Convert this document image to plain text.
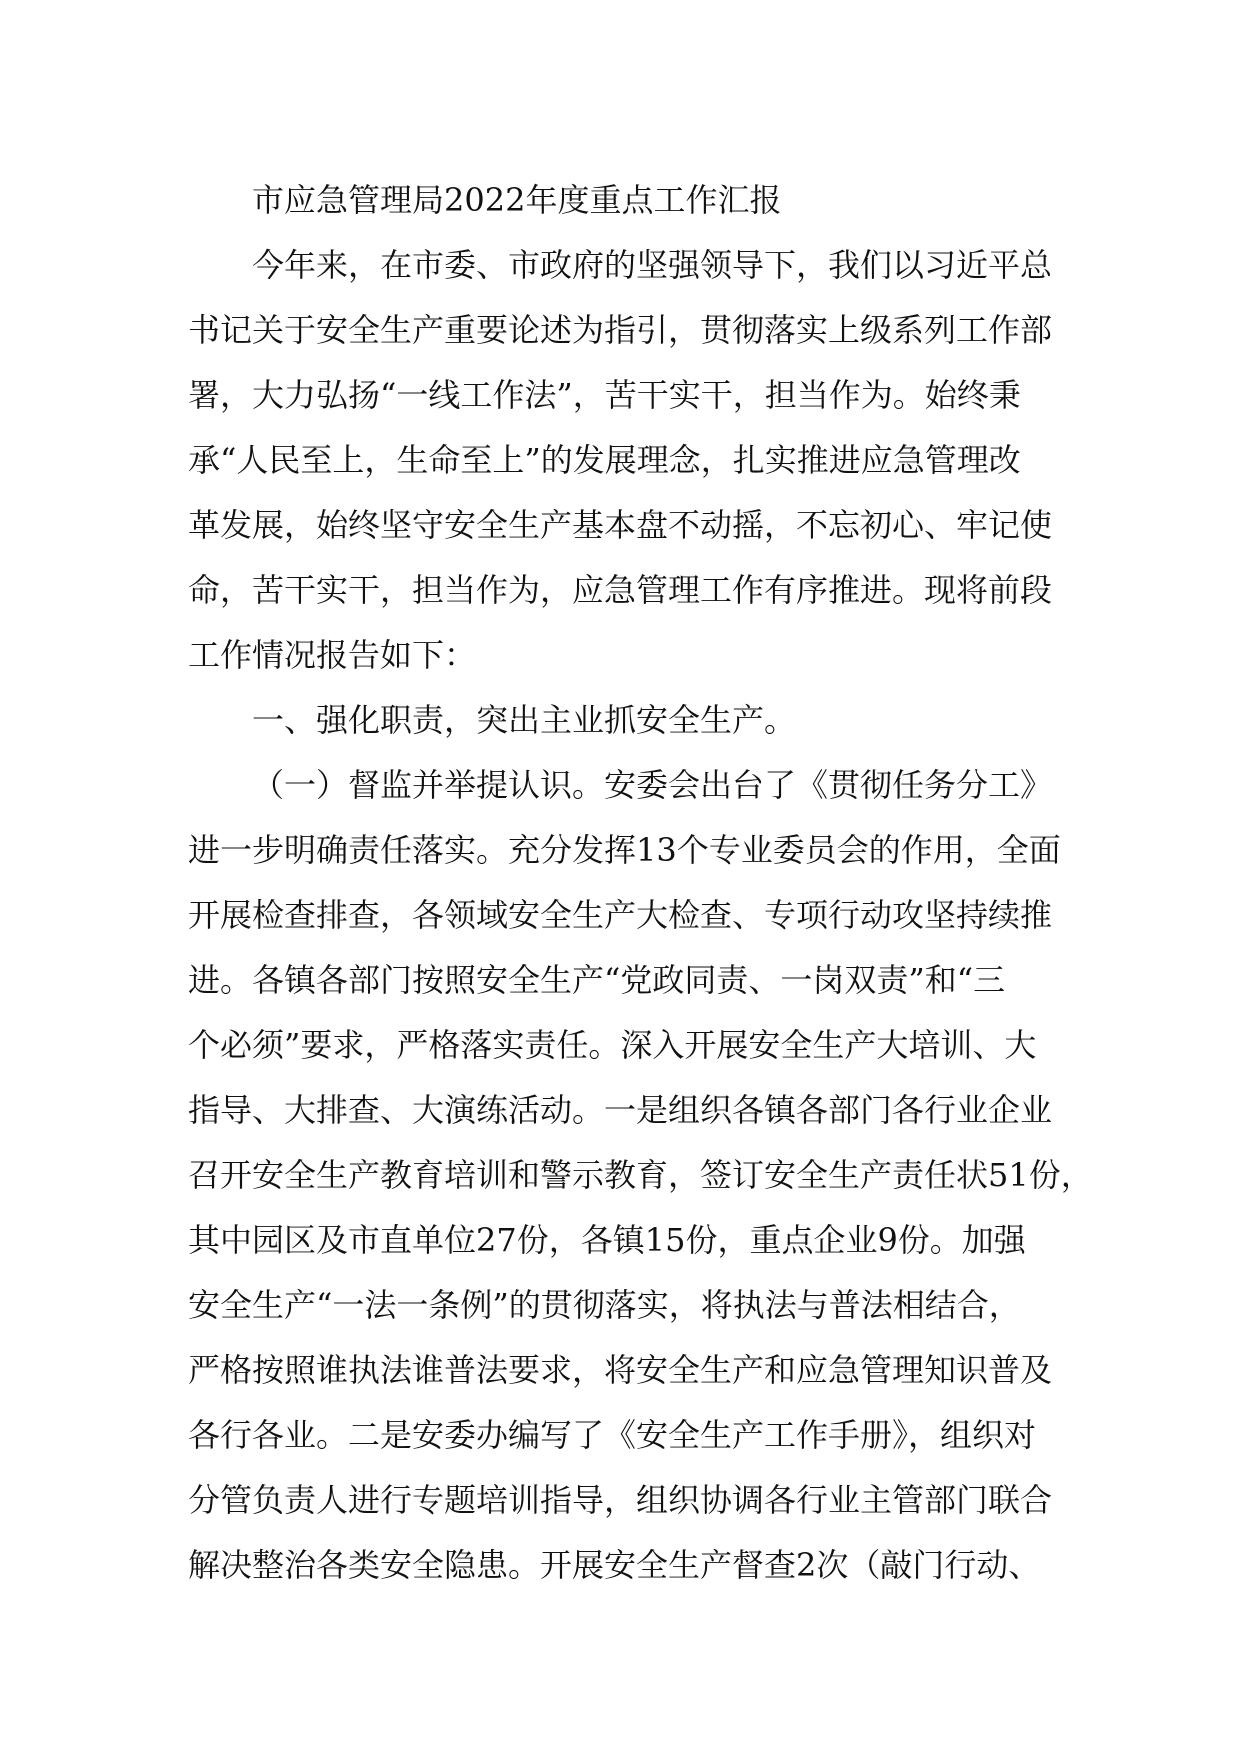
市应急管理局2022年度重点工作汇报

今年来，在市委、市政府的坚强领导下，我们以习近平总
书记关于安全生产重要论述为指引，贯彻落实上级系列工作部
署，大力弘扬“一线工作法”，苦干实干，担当作为。始终秉
承“人民至上，生命至上”的发展理念，扎实推进应急管理改
革发展，始终坚守安全生产基本盘不动摇，不忘初心、牢记使
命，苦干实干，担当作为，应急管理工作有序推进。现将前段
工作情况报告如下：

一、强化职责，突出主业抓安全生产。

（一）督监并举提认识。安委会出台了《贯彻任务分工》
进一步明确责任落实。充分发挥13个专业委员会的作用，全面
开展检查排查，各领域安全生产大检查、专项行动攻坚持续推
进。各镇各部门按照安全生产“党政同责、一岗双责”和“三
个必须”要求，严格落实责任。深入开展安全生产大培训、大
指导、大排查、大演练活动。一是组织各镇各部门各行业企业
召开安全生产教育培训和警示教育，签订安全生产责任状51份，
其中园区及市直单位27份，各镇15份，重点企业9份。加强
安全生产“一法一条例”的贯彻落实，将执法与普法相结合，
严格按照谁执法谁普法要求，将安全生产和应急管理知识普及
各行各业。二是安委办编写了《安全生产工作手册》，组织对
分管负责人进行专题培训指导，组织协调各行业主管部门联合
解决整治各类安全隐患。开展安全生产督查2次（敲门行动、
